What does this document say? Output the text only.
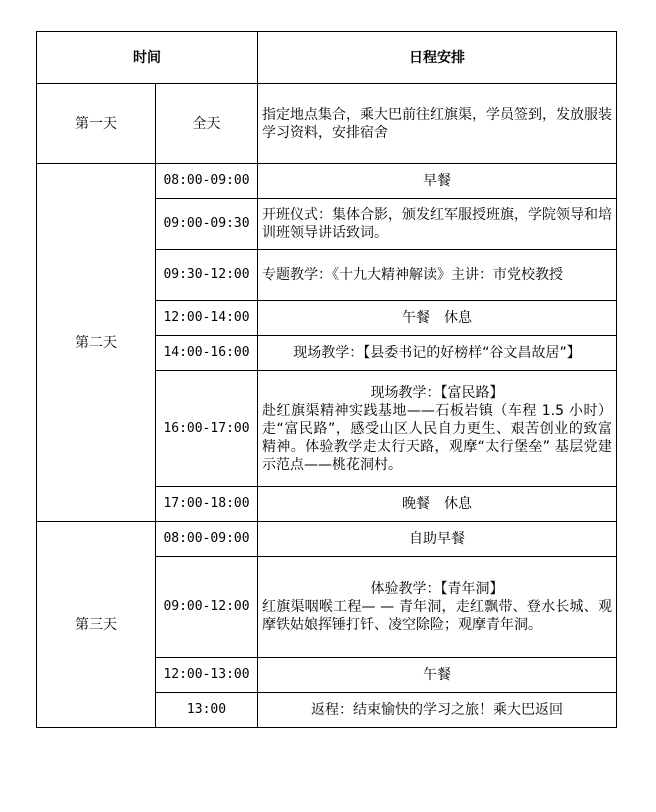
时间		日程安排
第一天	全天	指定地点集合，乘大巴前往红旗渠，学员签到，发放服装学习资料，安排宿舍
第二天	08:00-09:00	早餐
	09:00-09:30	开班仪式：集体合影，颁发红军服授班旗，学院领导和培训班领导讲话致词。
	09:30-12:00	专题教学：《十九大精神解读》主讲：市党校教授
	12:00-14:00	午餐　休息
	14:00-16:00	现场教学：【县委书记的好榜样“谷文昌故居”】
	16:00-17:00	现场教学：【富民路】
赴红旗渠精神实践基地——石板岩镇（车程 1.5 小时）走“富民路”，感受山区人民自力更生、艰苦创业的致富精神。体验教学走太行天路，观摩“太行堡垒” 基层党建示范点——桃花洞村。

	17:00-18:00	晚餐　休息
第三天	08:00-09:00	自助早餐
	09:00-12:00	体验教学：【青年洞】
红旗渠咽喉工程— — 青年洞，走红飘带、登水长城、观摩铁姑娘挥锤打钎、凌空除险；观摩青年洞。

	12:00-13:00	午餐
	13:00	返程：结束愉快的学习之旅！乘大巴返回
